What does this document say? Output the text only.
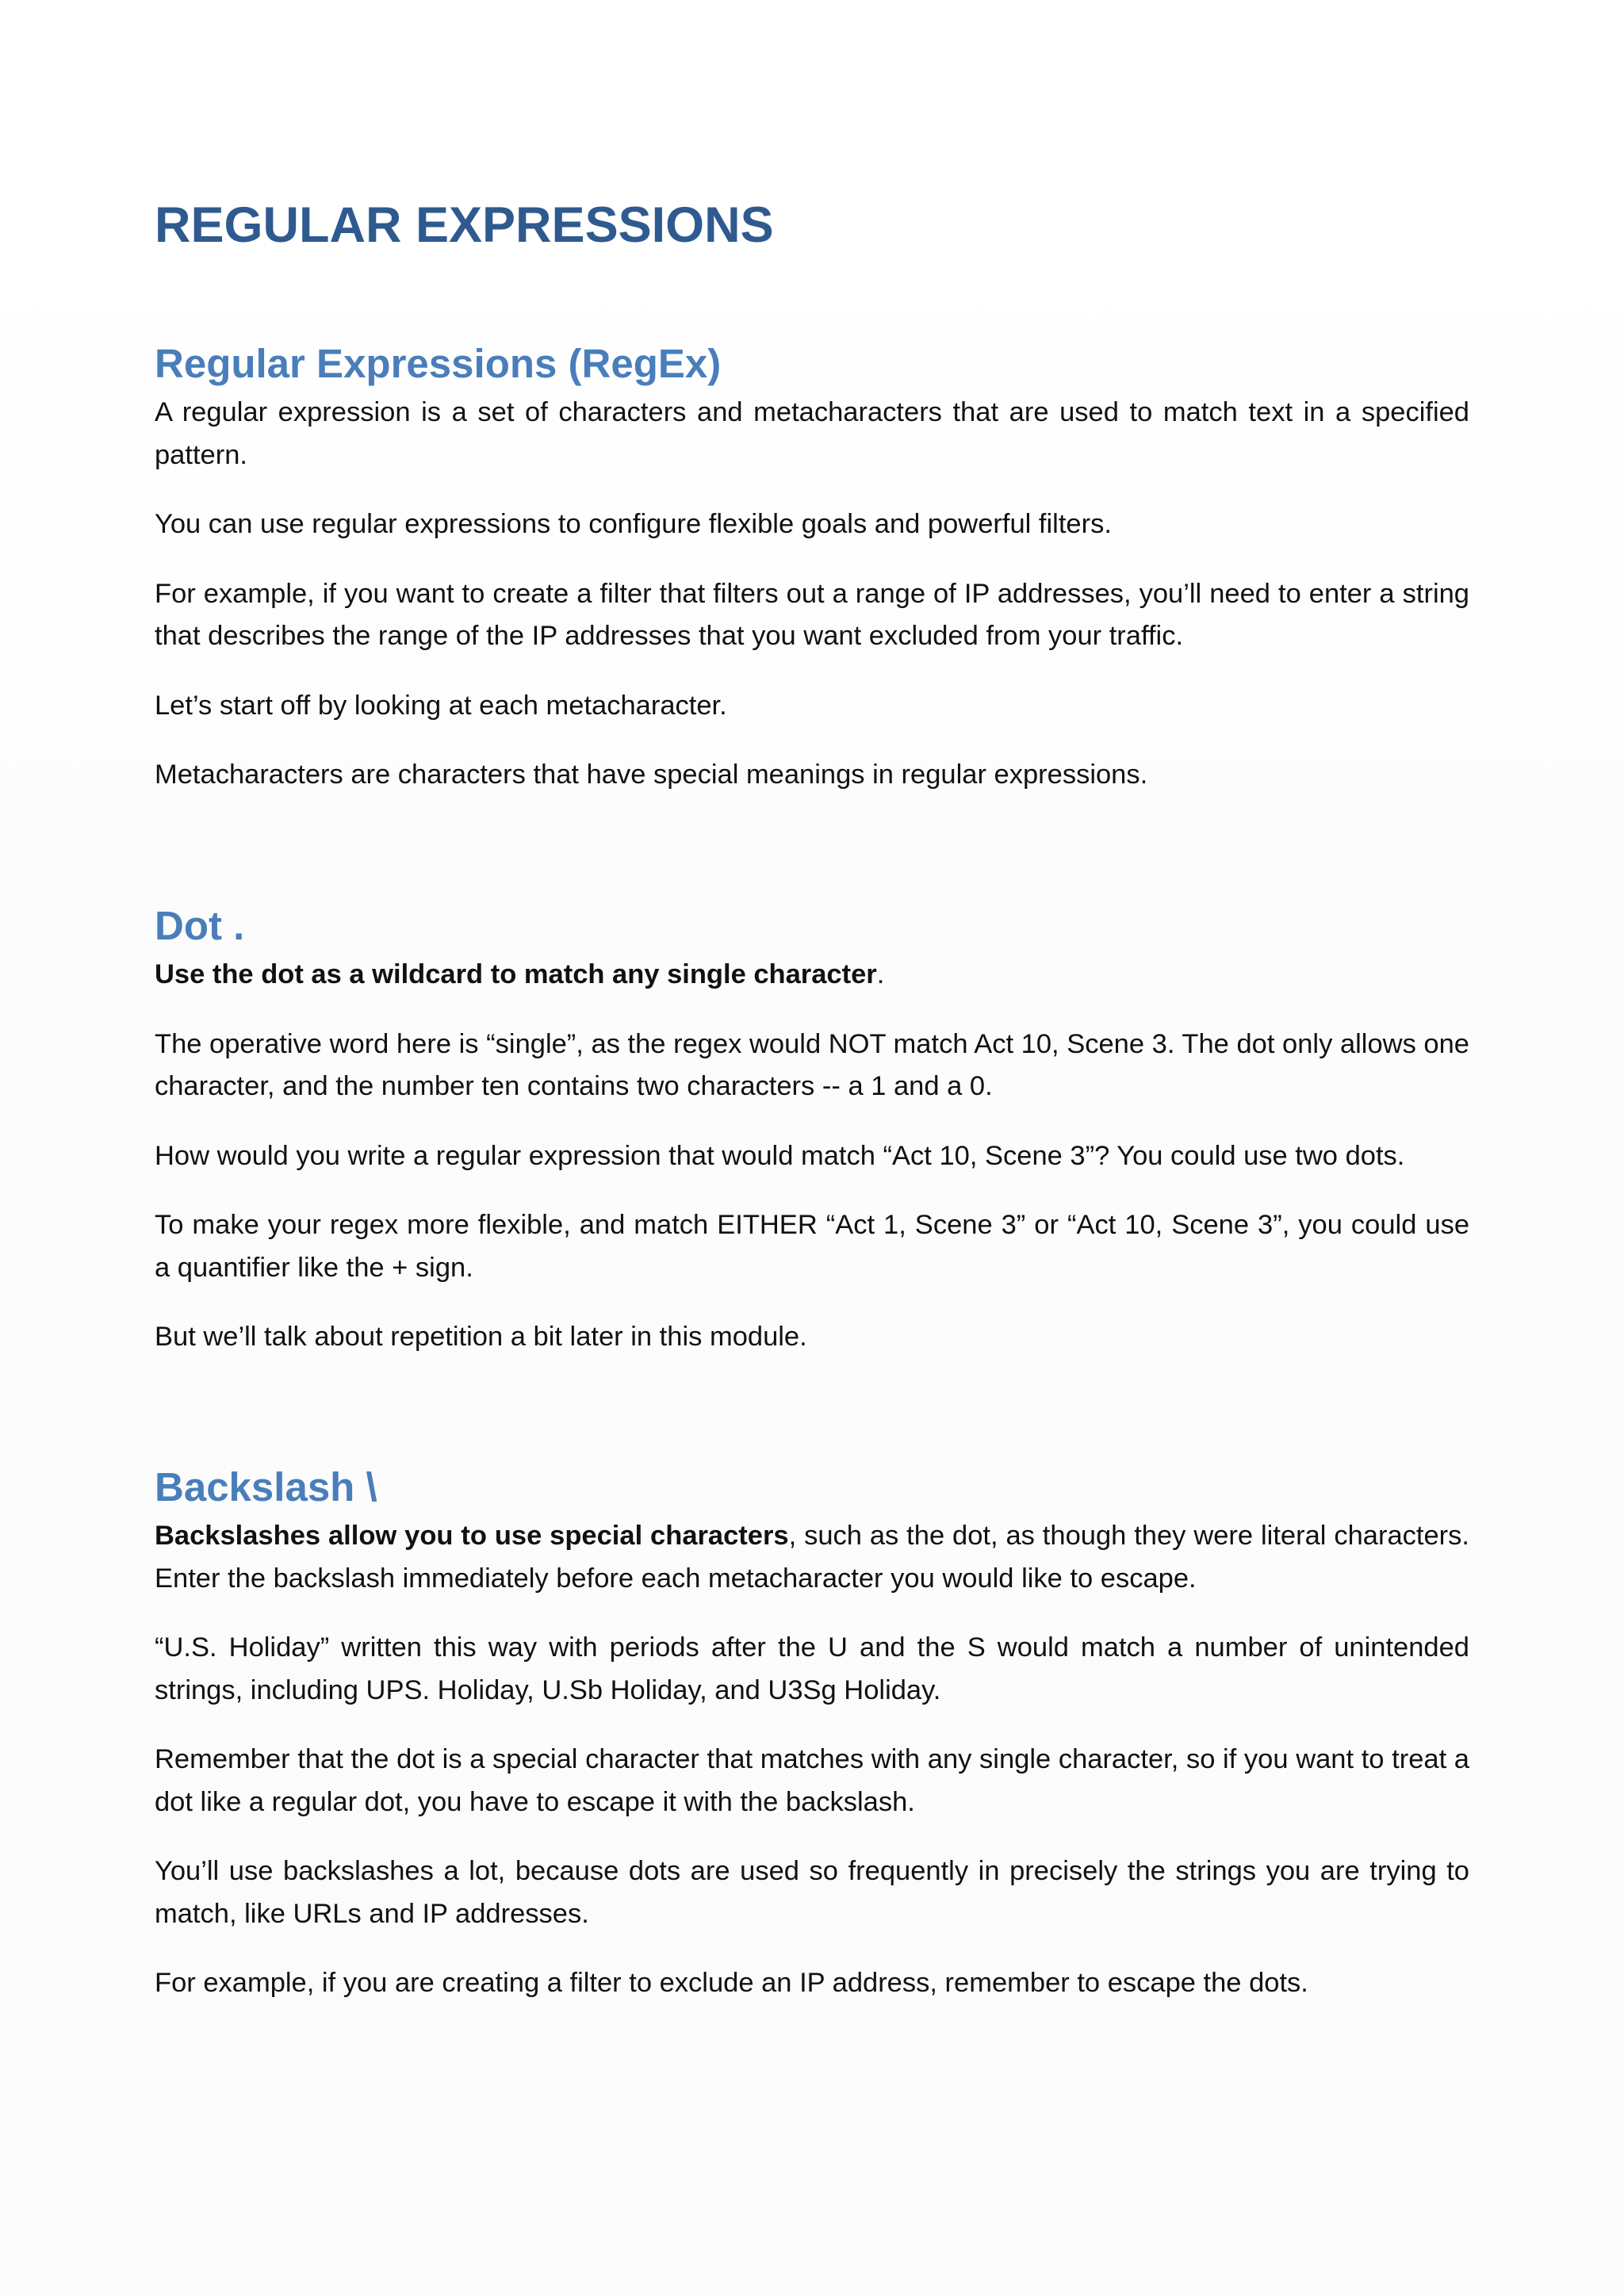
REGULAR EXPRESSIONS
Regular Expressions (RegEx)

A regular expression is a set of characters and metacharacters that are used to match text in a specified pattern.

You can use regular expressions to configure flexible goals and powerful filters.

For example, if you want to create a filter that filters out a range of IP addresses, you’ll need to enter a string that describes the range of the IP addresses that you want excluded from your traffic.

Let’s start off by looking at each metacharacter.

Metacharacters are characters that have special meanings in regular expressions.

Dot .

Use the dot as a wildcard to match any single character.

The operative word here is “single”, as the regex would NOT match Act 10, Scene 3. The dot only allows one character, and the number ten contains two characters -- a 1 and a 0.

How would you write a regular expression that would match “Act 10, Scene 3”? You could use two dots.

To make your regex more flexible, and match EITHER “Act 1, Scene 3” or “Act 10, Scene 3”, you could use a quantifier like the + sign.

But we’ll talk about repetition a bit later in this module.

Backslash \

Backslashes allow you to use special characters, such as the dot, as though they were literal characters. Enter the backslash immediately before each metacharacter you would like to escape.

“U.S. Holiday” written this way with periods after the U and the S would match a number of unintended strings, including UPS. Holiday, U.Sb Holiday, and U3Sg Holiday.

Remember that the dot is a special character that matches with any single character, so if you want to treat a dot like a regular dot, you have to escape it with the backslash.

You’ll use backslashes a lot, because dots are used so frequently in precisely the strings you are trying to match, like URLs and IP addresses.

For example, if you are creating a filter to exclude an IP address, remember to escape the dots.
